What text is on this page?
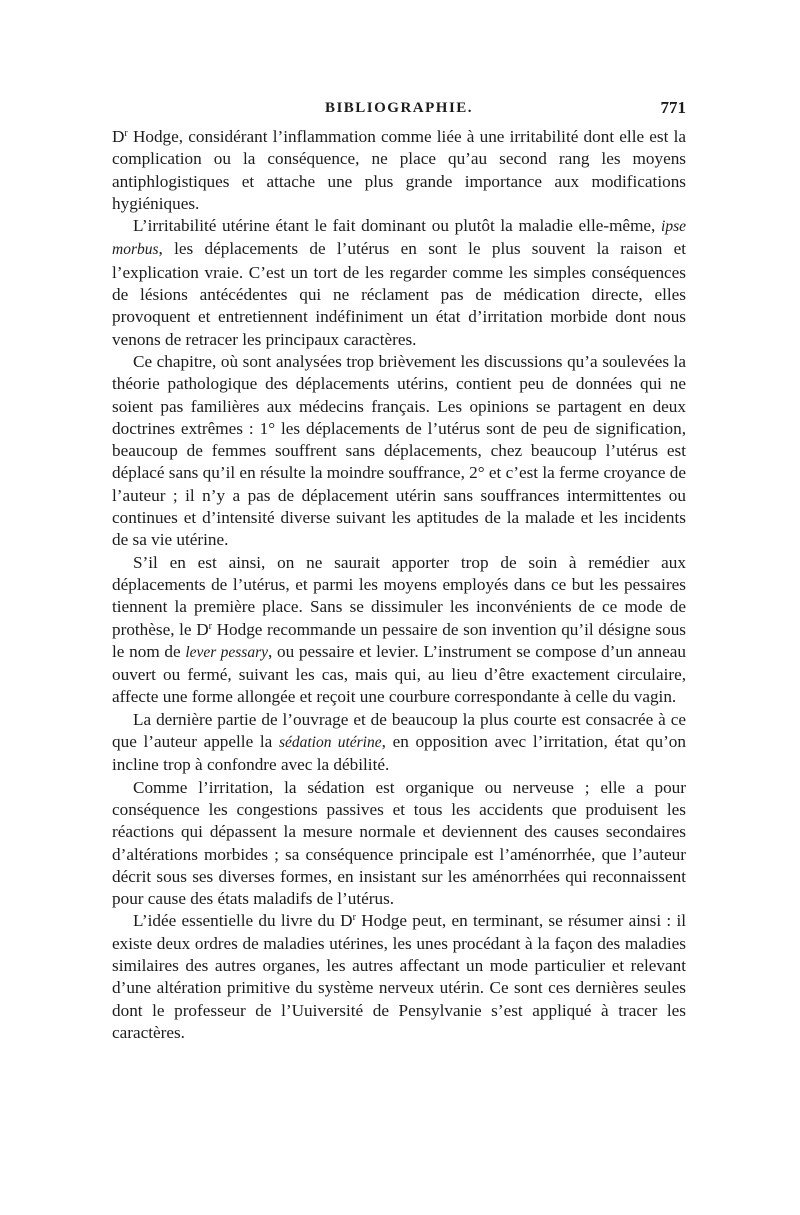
BIBLIOGRAPHIE.	771

$D^r$ Hodge, considérant l’inflammation comme liée à une irritabilité dont elle est la complication ou la conséquence, ne place qu’au second rang les moyens antiphlogistiques et attache une plus grande importance aux modifications hygiéniques.

L’irritabilité utérine étant le fait dominant ou plutôt la maladie elle-même, ipse morbus, les déplacements de l’utérus en sont le plus souvent la raison et l’explication vraie. C’est un tort de les regarder comme les simples conséquences de lésions antécédentes qui ne réclament pas de médication directe, elles provoquent et entretiennent indéfiniment un état d’irritation morbide dont nous venons de retracer les principaux caractères.

Ce chapitre, où sont analysées trop brièvement les discussions qu’a soulevées la théorie pathologique des déplacements utérins, contient peu de données qui ne soient pas familières aux médecins français. Les opinions se partagent en deux doctrines extrêmes : 1° les déplacements de l’utérus sont de peu de signification, beaucoup de femmes souffrent sans déplacements, chez beaucoup l’utérus est déplacé sans qu’il en résulte la moindre souffrance, 2° et c’est la ferme croyance de l’auteur ; il n’y a pas de déplacement utérin sans souffrances intermittentes ou continues et d’intensité diverse suivant les aptitudes de la malade et les incidents de sa vie utérine.

S’il en est ainsi, on ne saurait apporter trop de soin à remédier aux déplacements de l’utérus, et parmi les moyens employés dans ce but les pessaires tiennent la première place. Sans se dissimuler les inconvénients de ce mode de prothèse, le $D^r$ Hodge recommande un pessaire de son invention qu’il désigne sous le nom de lever pessary, ou pessaire et levier. L’instrument se compose d’un anneau ouvert ou fermé, suivant les cas, mais qui, au lieu d’être exactement circulaire, affecte une forme allongée et reçoit une courbure correspondante à celle du vagin.

La dernière partie de l’ouvrage et de beaucoup la plus courte est consacrée à ce que l’auteur appelle la sédation utérine, en opposition avec l’irritation, état qu’on incline trop à confondre avec la débilité.

Comme l’irritation, la sédation est organique ou nerveuse ; elle a pour conséquence les congestions passives et tous les accidents que produisent les réactions qui dépassent la mesure normale et deviennent des causes secondaires d’altérations morbides ; sa conséquence principale est l’aménorrhée, que l’auteur décrit sous ses diverses formes, en insistant sur les aménorrhées qui reconnaissent pour cause des états maladifs de l’utérus.

L’idée essentielle du livre du $D^r$ Hodge peut, en terminant, se résumer ainsi : il existe deux ordres de maladies utérines, les unes procédant à la façon des maladies similaires des autres organes, les autres affectant un mode particulier et relevant d’une altération primitive du système nerveux utérin. Ce sont ces dernières seules dont le professeur de l’Uuiversité de Pensylvanie s’est appliqué à tracer les caractères.
